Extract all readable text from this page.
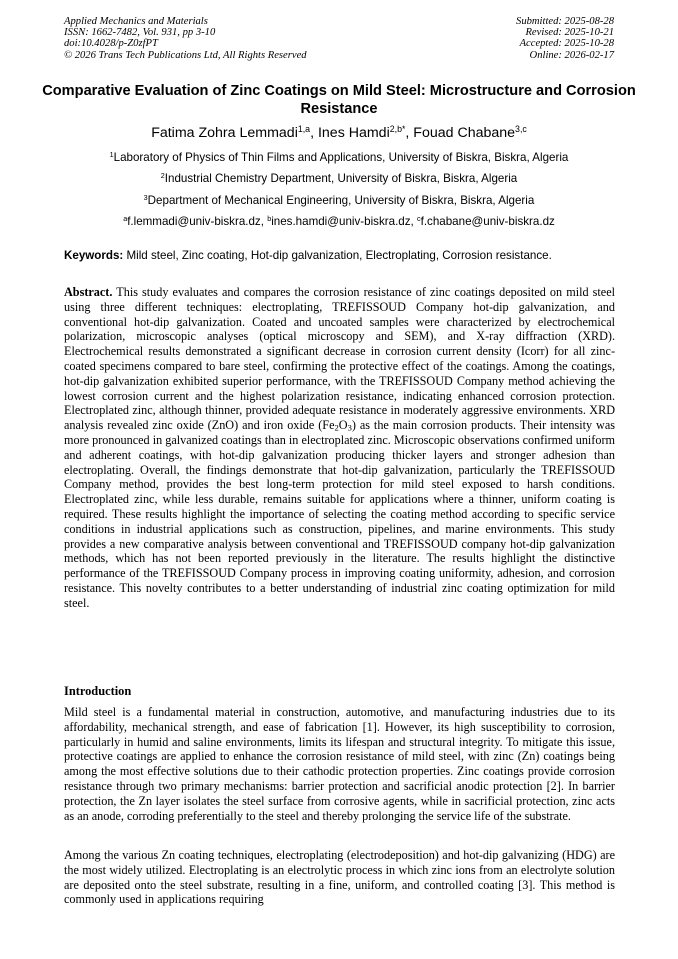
Applied Mechanics and Materials
ISSN: 1662-7482, Vol. 931, pp 3-10
doi:10.4028/p-Z0zfPT
© 2026 Trans Tech Publications Ltd, All Rights Reserved
Submitted: 2025-08-28
Revised: 2025-10-21
Accepted: 2025-10-28
Online: 2026-02-17
Comparative Evaluation of Zinc Coatings on Mild Steel: Microstructure and Corrosion Resistance
Fatima Zohra Lemmadi$^{1,a}$, Ines Hamdi$^{2,b*}$, Fouad Chabane$^{3,c}$
$^1$Laboratory of Physics of Thin Films and Applications, University of Biskra, Biskra, Algeria
$^2$Industrial Chemistry Department, University of Biskra, Biskra, Algeria
$^3$Department of Mechanical Engineering, University of Biskra, Biskra, Algeria
$^a$f.lemmadi@univ-biskra.dz, $^b$ines.hamdi@univ-biskra.dz, $^c$f.chabane@univ-biskra.dz
Keywords: Mild steel, Zinc coating, Hot-dip galvanization, Electroplating, Corrosion resistance.
Abstract. This study evaluates and compares the corrosion resistance of zinc coatings deposited on mild steel using three different techniques: electroplating, TREFISSOUD Company hot-dip galvanization, and conventional hot-dip galvanization. Coated and uncoated samples were characterized by electrochemical polarization, microscopic analyses (optical microscopy and SEM), and X-ray diffraction (XRD). Electrochemical results demonstrated a significant decrease in corrosion current density (Icorr) for all zinc-coated specimens compared to bare steel, confirming the protective effect of the coatings. Among the coatings, hot-dip galvanization exhibited superior performance, with the TREFISSOUD Company method achieving the lowest corrosion current and the highest polarization resistance, indicating enhanced corrosion protection. Electroplated zinc, although thinner, provided adequate resistance in moderately aggressive environments. XRD analysis revealed zinc oxide (ZnO) and iron oxide $(Fe_2O_3)$ as the main corrosion products. Their intensity was more pronounced in galvanized coatings than in electroplated zinc. Microscopic observations confirmed uniform and adherent coatings, with hot-dip galvanization producing thicker layers and stronger adhesion than electroplating. Overall, the findings demonstrate that hot-dip galvanization, particularly the TREFISSOUD Company method, provides the best long-term protection for mild steel exposed to harsh conditions. Electroplated zinc, while less durable, remains suitable for applications where a thinner, uniform coating is required. These results highlight the importance of selecting the coating method according to specific service conditions in industrial applications such as construction, pipelines, and marine environments. This study provides a new comparative analysis between conventional and TREFISSOUD company hot-dip galvanization methods, which has not been reported previously in the literature. The results highlight the distinctive performance of the TREFISSOUD Company process in improving coating uniformity, adhesion, and corrosion resistance. This novelty contributes to a better understanding of industrial zinc coating optimization for mild steel.
Introduction
Mild steel is a fundamental material in construction, automotive, and manufacturing industries due to its affordability, mechanical strength, and ease of fabrication [1]. However, its high susceptibility to corrosion, particularly in humid and saline environments, limits its lifespan and structural integrity. To mitigate this issue, protective coatings are applied to enhance the corrosion resistance of mild steel, with zinc (Zn) coatings being among the most effective solutions due to their cathodic protection properties. Zinc coatings provide corrosion resistance through two primary mechanisms: barrier protection and sacrificial anodic protection [2]. In barrier protection, the Zn layer isolates the steel surface from corrosive agents, while in sacrificial protection, zinc acts as an anode, corroding preferentially to the steel and thereby prolonging the service life of the substrate.
Among the various Zn coating techniques, electroplating (electrodeposition) and hot-dip galvanizing (HDG) are the most widely utilized. Electroplating is an electrolytic process in which zinc ions from an electrolyte solution are deposited onto the steel substrate, resulting in a fine, uniform, and controlled coating [3]. This method is commonly used in applications requiring
